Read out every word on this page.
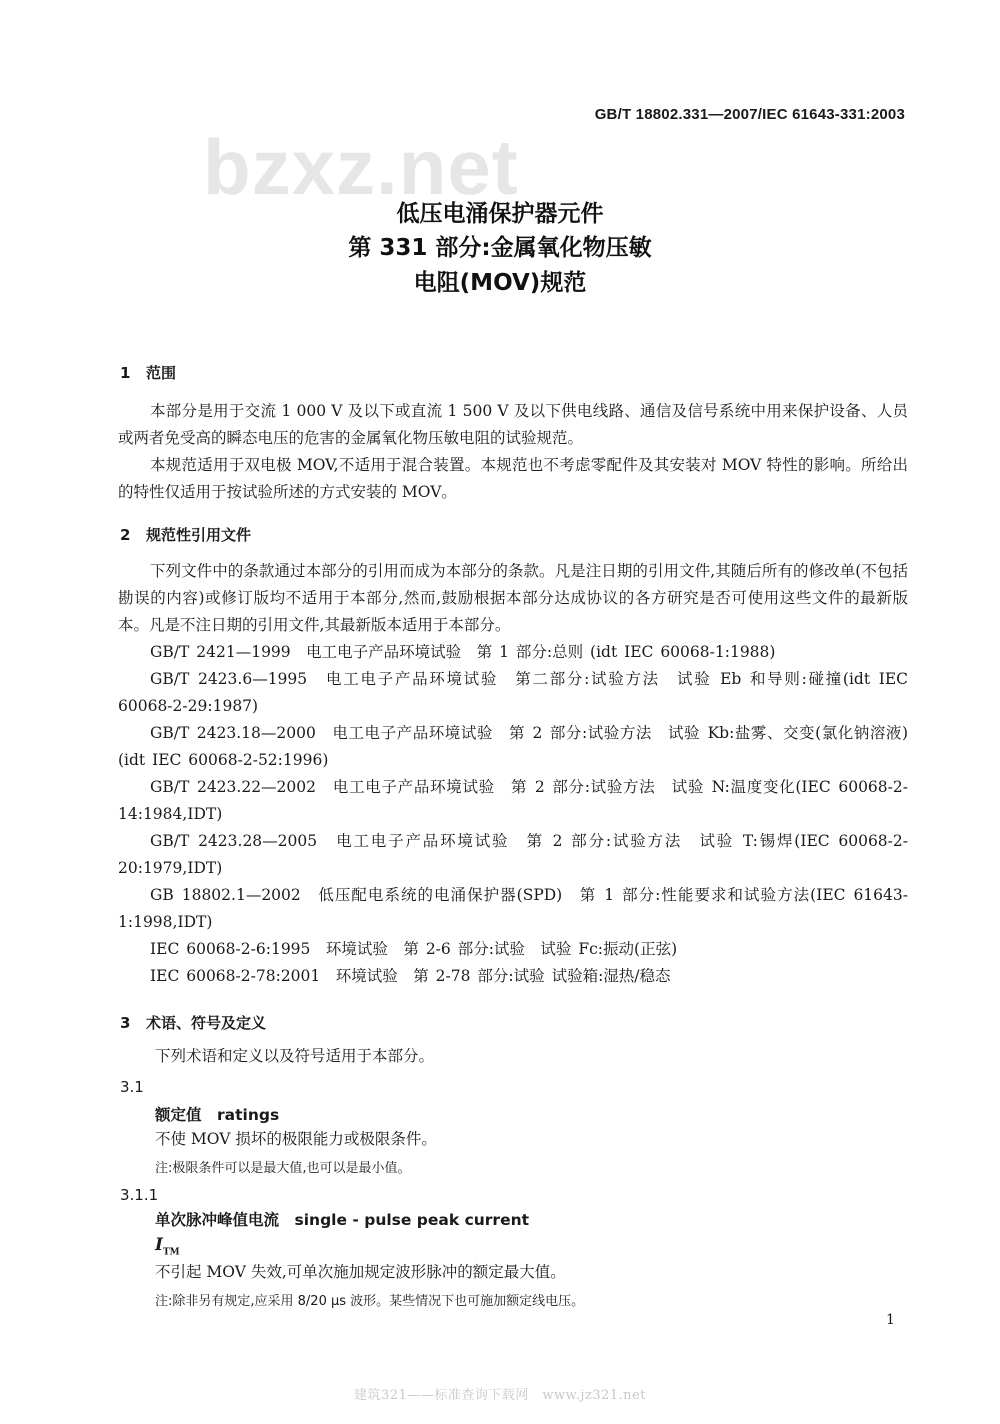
bzxz.net
GB/T 18802.331—2007/IEC 61643-331:2003
低压电涌保护器元件
第 331 部分:金属氧化物压敏
电阻(MOV)规范
1 范围
本部分是用于交流 1 000 V 及以下或直流 1 500 V 及以下供电线路、通信及信号系统中用来保护设备、人员或两者免受高的瞬态电压的危害的金属氧化物压敏电阻的试验规范。
本规范适用于双电极 MOV,不适用于混合装置。本规范也不考虑零配件及其安装对 MOV 特性的影响。所给出的特性仅适用于按试验所述的方式安装的 MOV。
2 规范性引用文件
下列文件中的条款通过本部分的引用而成为本部分的条款。凡是注日期的引用文件,其随后所有的修改单(不包括勘误的内容)或修订版均不适用于本部分,然而,鼓励根据本部分达成协议的各方研究是否可使用这些文件的最新版本。凡是不注日期的引用文件,其最新版本适用于本部分。
GB/T 2421—1999　电工电子产品环境试验　第 1 部分:总则 (idt IEC 60068-1:1988)
GB/T 2423.6—1995　电工电子产品环境试验　第二部分:试验方法　试验 Eb 和导则:碰撞(idt IEC 60068-2-29:1987)
GB/T 2423.18—2000　电工电子产品环境试验　第 2 部分:试验方法　试验 Kb:盐雾、交变(氯化钠溶液)(idt IEC 60068-2-52:1996)
GB/T 2423.22—2002　电工电子产品环境试验　第 2 部分:试验方法　试验 N:温度变化(IEC 60068-2-14:1984,IDT)
GB/T 2423.28—2005　电工电子产品环境试验　第 2 部分:试验方法　试验 T:锡焊(IEC 60068-2-20:1979,IDT)
GB 18802.1—2002　低压配电系统的电涌保护器(SPD)　第 1 部分:性能要求和试验方法(IEC 61643-1:1998,IDT)
IEC 60068-2-6:1995　环境试验　第 2-6 部分:试验　试验 Fc:振动(正弦)
IEC 60068-2-78:2001　环境试验　第 2-78 部分:试验 试验箱:湿热/稳态
3 术语、符号及定义
下列术语和定义以及符号适用于本部分。
3.1
额定值　ratings
不使 MOV 损坏的极限能力或极限条件。
注:极限条件可以是最大值,也可以是最小值。
3.1.1
单次脉冲峰值电流　single - pulse peak current
$I_{TM}$
不引起 MOV 失效,可单次施加规定波形脉冲的额定最大值。
注:除非另有规定,应采用 8/20 μs 波形。某些情况下也可施加额定线电压。
1
建筑321——标准查询下载网　www.jz321.net
